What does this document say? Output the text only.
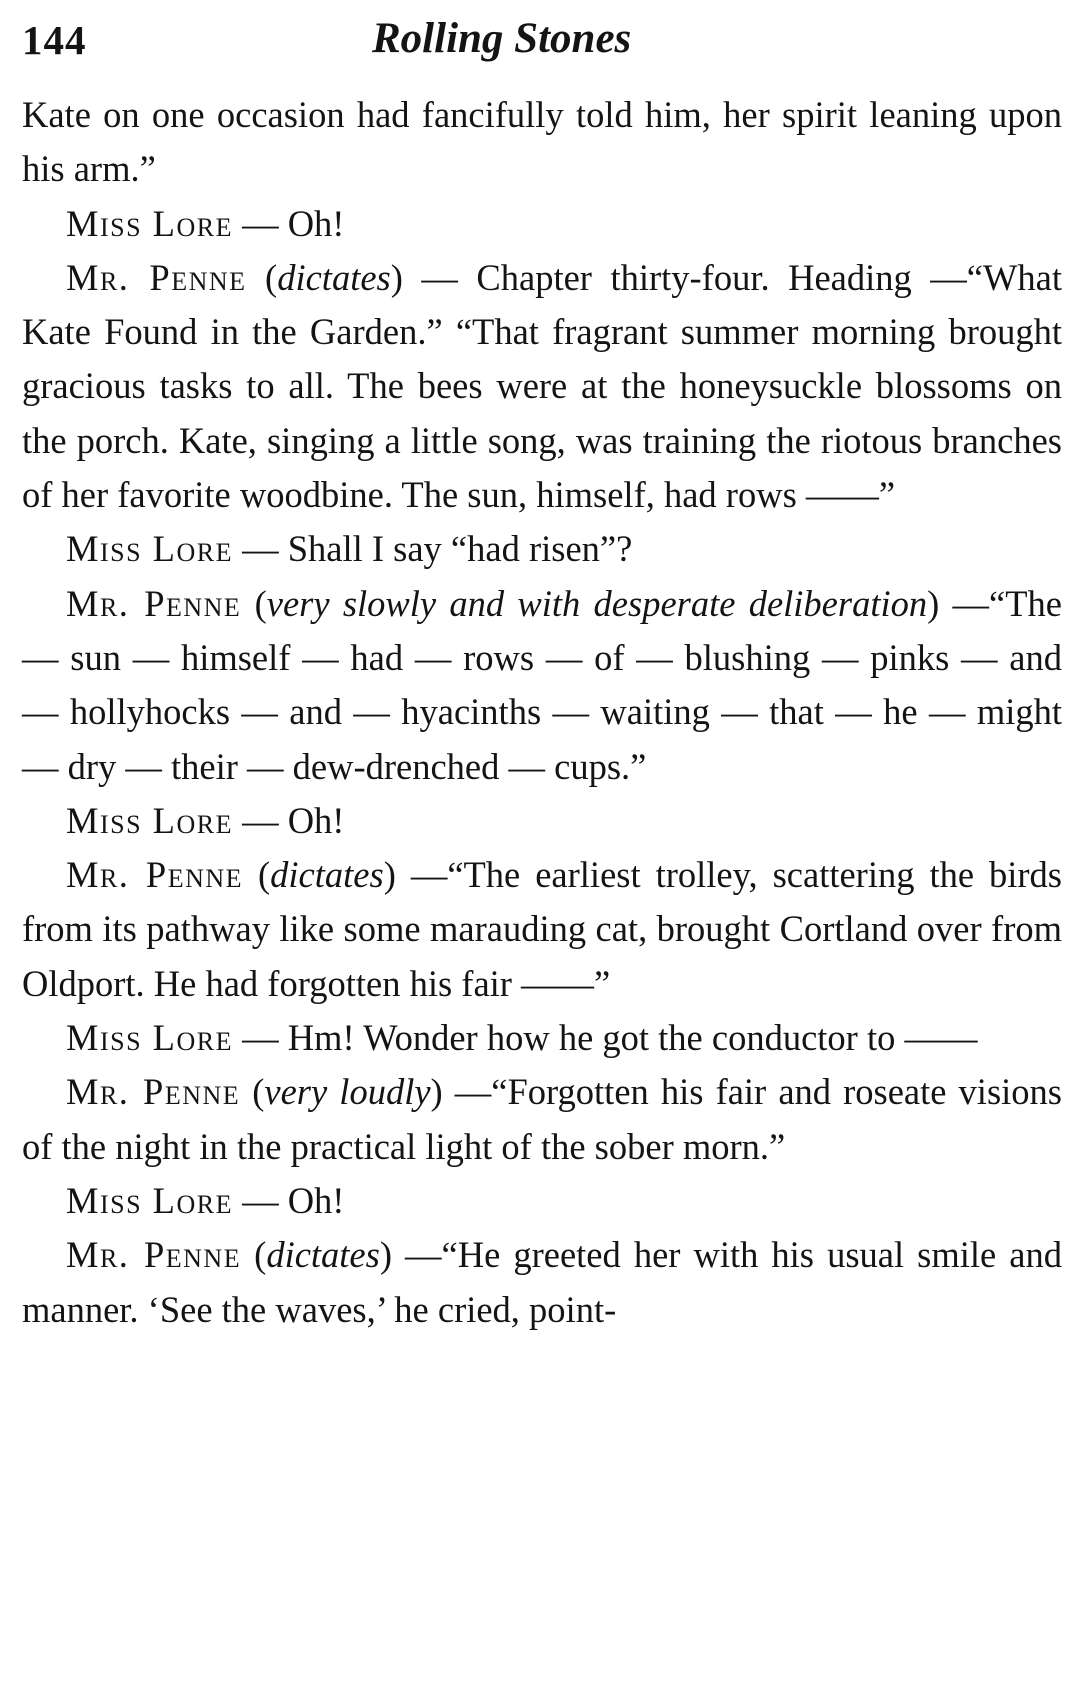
144	Rolling Stones

Kate on one occasion had fancifully told him, her spirit leaning upon his arm.”

Miss Lore — Oh!

Mr. Penne (dictates) — Chapter thirty-four. Heading —“What Kate Found in the Garden.” “That fragrant summer morning brought gracious tasks to all. The bees were at the honeysuckle blossoms on the porch. Kate, singing a little song, was training the riotous branches of her favorite woodbine. The sun, himself, had rows ——”

Miss Lore — Shall I say “had risen”?

Mr. Penne (very slowly and with desperate deliberation) —“The — sun — himself — had — rows — of — blushing — pinks — and — hollyhocks — and — hyacinths — waiting — that — he — might — dry — their — dew-drenched — cups.”

Miss Lore — Oh!

Mr. Penne (dictates) —“The earliest trolley, scattering the birds from its pathway like some marauding cat, brought Cortland over from Oldport. He had forgotten his fair ——”

Miss Lore — Hm! Wonder how he got the conductor to ——

Mr. Penne (very loudly) —“Forgotten his fair and roseate visions of the night in the practical light of the sober morn.”

Miss Lore — Oh!

Mr. Penne (dictates) —“He greeted her with his usual smile and manner. ‘See the waves,’ he cried, point-
